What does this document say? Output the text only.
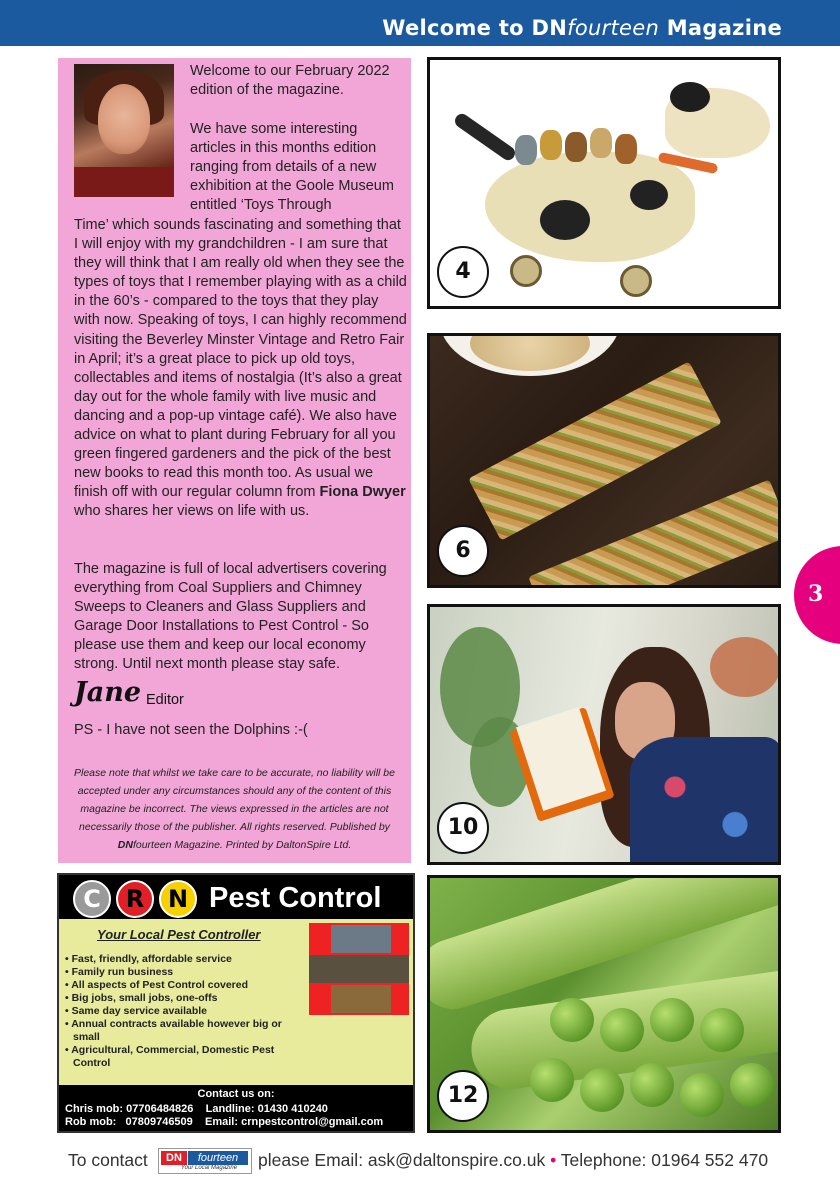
Welcome to DNfourteen Magazine

Welcome to our February 2022 edition of the magazine.

We have some interesting articles in this months edition ranging from details of a new exhibition at the Goole Museum entitled ‘Toys Through

Time’ which sounds fascinating and something that I will enjoy with my grandchildren - I am sure that they will think that I am really old when they see the types of toys that I remember playing with as a child in the 60’s - compared to the toys that they play with now. Speaking of toys, I can highly recommend visiting the Beverley Minster Vintage and Retro Fair in April; it’s a great place to pick up old toys, collectables and items of nostalgia (It’s also a great day out for the whole family with live music and dancing and a pop-up vintage café). We also have advice on what to plant during February for all you green fingered gardeners and the pick of the best new books to read this month too. As usual we finish off with our regular column from Fiona Dwyer who shares her views on life with us.

The magazine is full of local advertisers covering everything from Coal Suppliers and Chimney Sweeps to Cleaners and Glass Suppliers and Garage Door Installations to Pest Control - So please use them and keep our local economy strong. Until next month please stay safe.

Jane Editor
PS - I have not seen the Dolphins :-(
Please note that whilst we take care to be accurate, no liability will be accepted under any circumstances should any of the content of this magazine be incorrect. The views expressed in the articles are not necessarily those of the publisher. All rights reserved. Published by DNfourteen Magazine. Printed by DaltonSpire Ltd.
4
6
10
12
C	R N Pest Control
Your Local Pest Controller
• Fast, friendly, affordable service
• Family run business
• All aspects of Pest Control covered
• Big jobs, small jobs, one-offs
• Same day service available
• Annual contracts available however big or small
• Agricultural, Commercial, Domestic Pest Control
Contact us on:
Chris mob: 07706484826    Landline: 01430 410240
Rob mob:   07809746509    Email: crnpestcontrol@gmail.com
3
To contact	DN	fourteen
Your Local Magazine please Email: ask@daltonspire.co.uk • Telephone: 01964 552 470
